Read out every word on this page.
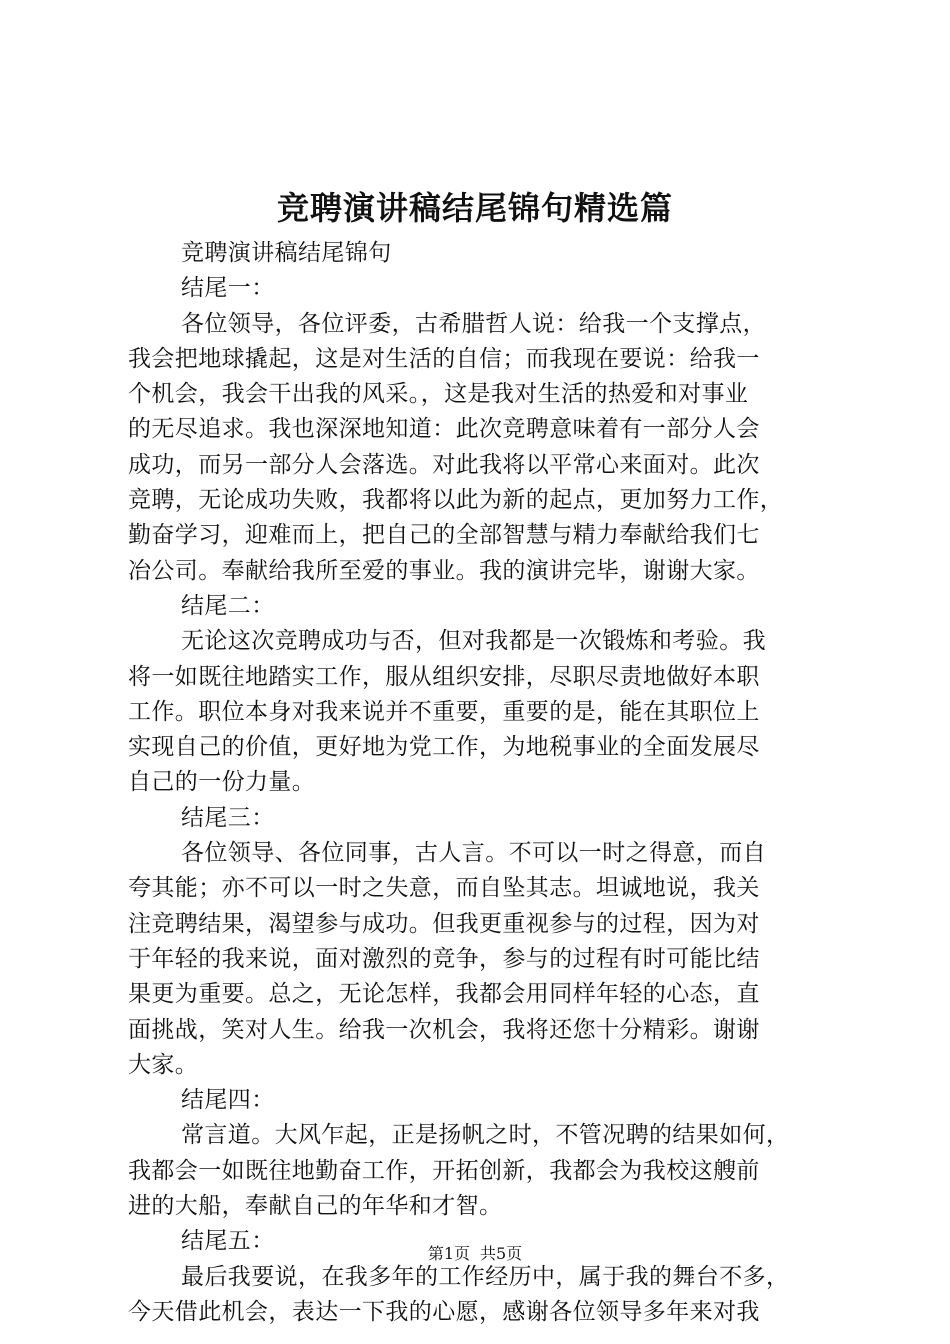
竞聘演讲稿结尾锦句精选篇

竞聘演讲稿结尾锦句

结尾一：

各位领导，各位评委，古希腊哲人说：给我一个支撑点，

我会把地球撬起，这是对生活的自信；而我现在要说：给我一

个机会，我会干出我的风采。，这是我对生活的热爱和对事业

的无尽追求。我也深深地知道：此次竞聘意味着有一部分人会

成功，而另一部分人会落选。对此我将以平常心来面对。此次

竞聘，无论成功失败，我都将以此为新的起点，更加努力工作，

勤奋学习，迎难而上，把自己的全部智慧与精力奉献给我们七

冶公司。奉献给我所至爱的事业。我的演讲完毕，谢谢大家。

结尾二：

无论这次竞聘成功与否，但对我都是一次锻炼和考验。我

将一如既往地踏实工作，服从组织安排，尽职尽责地做好本职

工作。职位本身对我来说并不重要，重要的是，能在其职位上

实现自己的价值，更好地为党工作，为地税事业的全面发展尽

自己的一份力量。

结尾三：

各位领导、各位同事，古人言。不可以一时之得意，而自

夸其能；亦不可以一时之失意，而自坠其志。坦诚地说，我关

注竞聘结果，渴望参与成功。但我更重视参与的过程，因为对

于年轻的我来说，面对激烈的竞争，参与的过程有时可能比结

果更为重要。总之，无论怎样，我都会用同样年轻的心态，直

面挑战，笑对人生。给我一次机会，我将还您十分精彩。谢谢

大家。

结尾四：

常言道。大风乍起，正是扬帆之时，不管况聘的结果如何，

我都会一如既往地勤奋工作，开拓创新，我都会为我校这艘前

进的大船，奉献自己的年华和才智。

结尾五：

最后我要说，在我多年的工作经历中，属于我的舞台不多，

今天借此机会，表达一下我的心愿，感谢各位领导多年来对我

第1页 共5页
